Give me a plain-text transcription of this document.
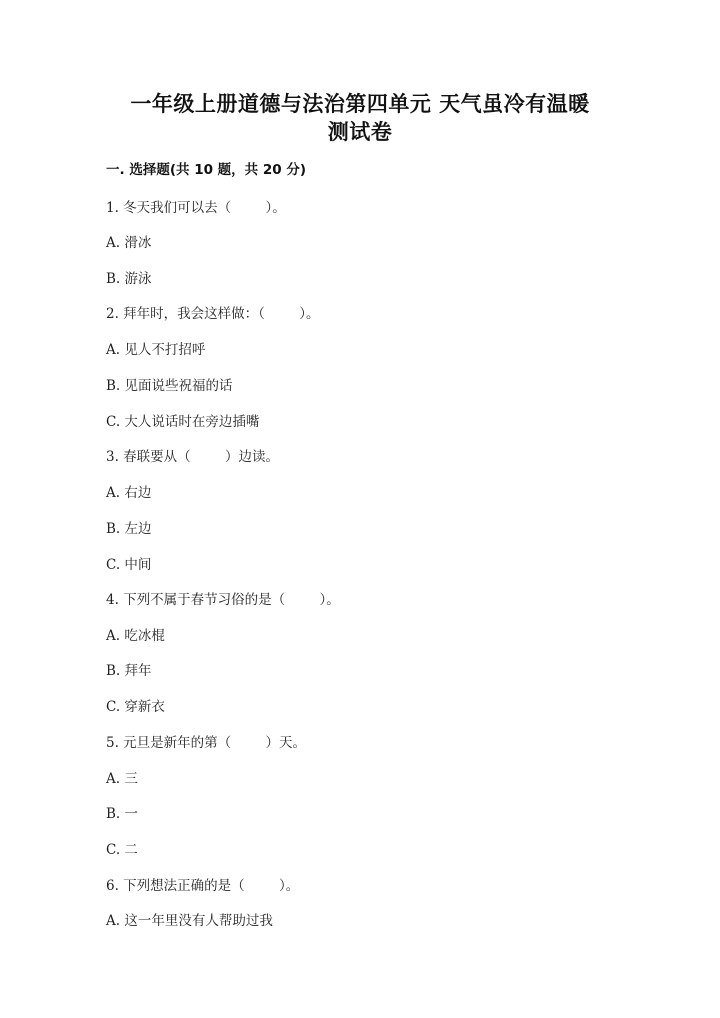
一年级上册道德与法治第四单元 天气虽冷有温暖
测试卷
一. 选择题(共 10 题，共 20 分)
1. 冬天我们可以去（        ）。
A. 滑冰
B. 游泳
2. 拜年时，我会这样做：（        ）。
A. 见人不打招呼
B. 见面说些祝福的话
C. 大人说话时在旁边插嘴
3. 春联要从（        ）边读。
A. 右边
B. 左边
C. 中间
4. 下列不属于春节习俗的是（        ）。
A. 吃冰棍
B. 拜年
C. 穿新衣
5. 元旦是新年的第（        ）天。
A. 三
B. 一
C. 二
6. 下列想法正确的是（        ）。
A. 这一年里没有人帮助过我
